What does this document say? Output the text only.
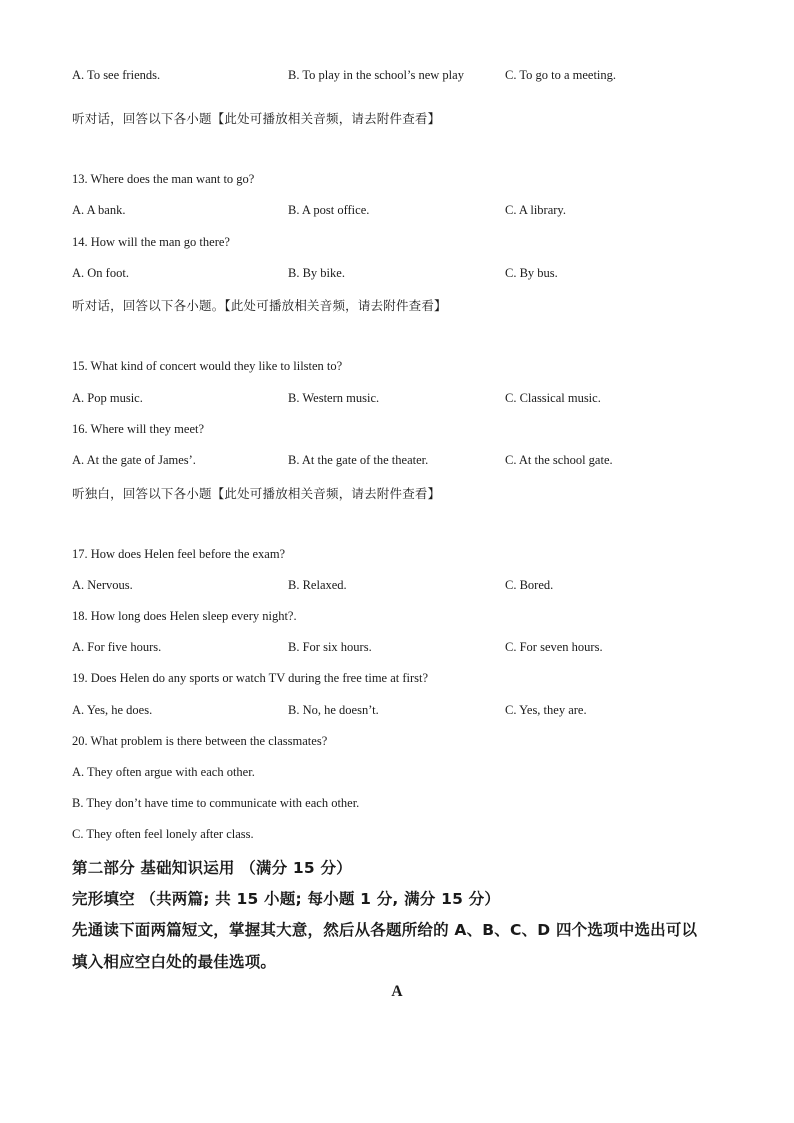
A. To see friends.	B. To play in the school’s new play	C. To go to a meeting.
听对话，回答以下各小题【此处可播放相关音频，请去附件查看】
13. Where does the man want to go?
A. A bank.	B. A post office.	C. A library.
14. How will the man go there?
A. On foot.	B. By bike.	C. By bus.
听对话，回答以下各小题。【此处可播放相关音频，请去附件查看】
15. What kind of concert would they like to lilsten to?
A. Pop music.	B. Western music.	C. Classical music.
16. Where will they meet?
A. At the gate of James’.	B. At the gate of the theater.	C. At the school gate.
听独白，回答以下各小题【此处可播放相关音频，请去附件查看】
17. How does Helen feel before the exam?
A. Nervous.	B. Relaxed.	C. Bored.
18. How long does Helen sleep every night?.
A. For five hours.	B. For six hours.	C. For seven hours.
19. Does Helen do any sports or watch TV during the free time at first?
A. Yes, he does.	B. No, he doesn’t.	C. Yes, they are.
20. What problem is there between the classmates?
A. They often argue with each other.
B. They don’t have time to communicate with each other.
C. They often feel lonely after class.
第二部分 基础知识运用 （满分 15 分）
完形填空 （共两篇; 共 15 小题; 每小题 1 分, 满分 15 分）
先通读下面两篇短文，掌握其大意，然后从各题所给的 A、B、C、D 四个选项中选出可以
填入相应空白处的最佳选项。
A
